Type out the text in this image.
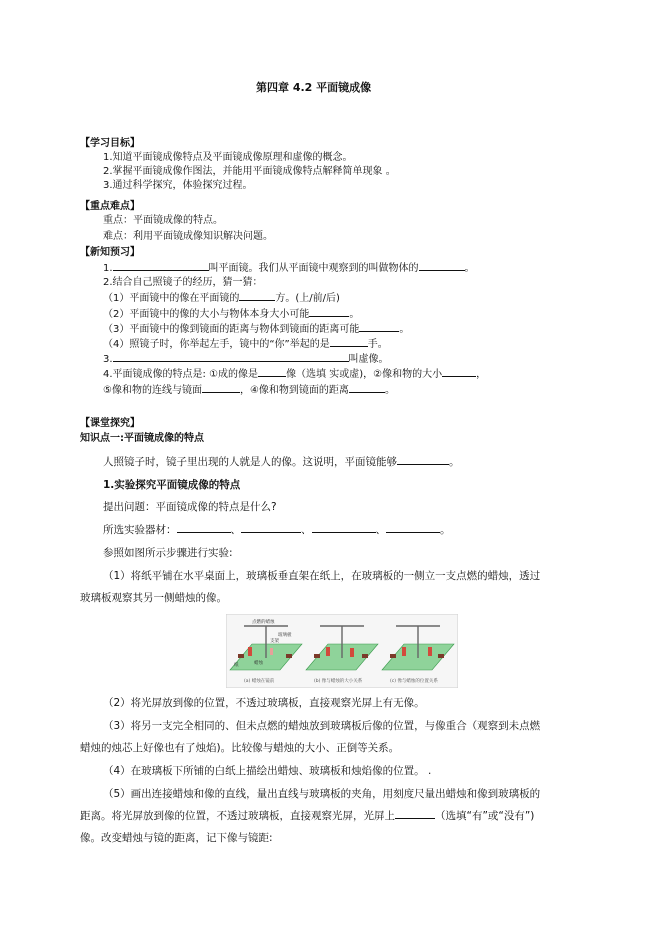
第四章 4.2 平面镜成像
【学习目标】
1.知道平面镜成像特点及平面镜成像原理和虚像的概念。
2.掌握平面镜成像作图法，并能用平面镜成像特点解释简单现象 。
3.通过科学探究，体验探究过程。
【重点难点】
重点：平面镜成像的特点。
难点：利用平面镜成像知识解决问题。
【新知预习】
1.	叫平面镜。我们从平面镜中观察到的叫做物体的	。
2.结合自己照镜子的经历，猜一猜：
（1）平面镜中的像在平面镜的	方。(上/前/后)
（2）平面镜中的像的大小与物体本身大小可能	。
（3）平面镜中的像到镜面的距离与物体到镜面的距离可能	。
（4）照镜子时，你举起左手，镜中的“你”举起的是	手。
3.	叫虚像。
4.平面镜成像的特点是: ①成的像是	像（选填 实或虚)，②像和物的大小	，
⑤像和物的连线与镜面	，④像和物到镜面的距离	。
【课堂探究】
知识点一:平面镜成像的特点
人照镜子时，镜子里出现的人就是人的像。这说明，平面镜能够	。
1.实验探究平面镜成像的特点
提出问题：平面镜成像的特点是什么?
所选实验器材：	、	、	、	。
参照如图所示步骤进行实验:
（1）将纸平铺在水平桌面上，玻璃板垂直架在纸上，在玻璃板的一侧立一支点燃的蜡烛，透过
玻璃板观察其另一侧蜡烛的像。
点燃的蜡烛
玻璃板
支架
蜡烛
纸
(a) 蜡烛在镜前	(b) 像与蜡烛的大小关系	(c) 像与蜡烛的位置关系
（2）将光屏放到像的位置，不透过玻璃板，直接观察光屏上有无像。
（3）将另一支完全相同的、但未点燃的蜡烛放到玻璃板后像的位置，与像重合（观察到未点燃
蜡烛的烛芯上好像也有了烛焰)。比较像与蜡烛的大小、正倒等关系。
（4）在玻璃板下所铺的白纸上描绘出蜡烛、玻璃板和烛焰像的位置。 .
（5）画出连接蜡烛和像的直线，量出直线与玻璃板的夹角，用刻度尺量出蜡烛和像到玻璃板的
距离。将光屏放到像的位置，不透过玻璃板，直接观察光屏，光屏上	（选填“有”或“没有”)
像。改变蜡烛与镜的距离，记下像与镜距:
